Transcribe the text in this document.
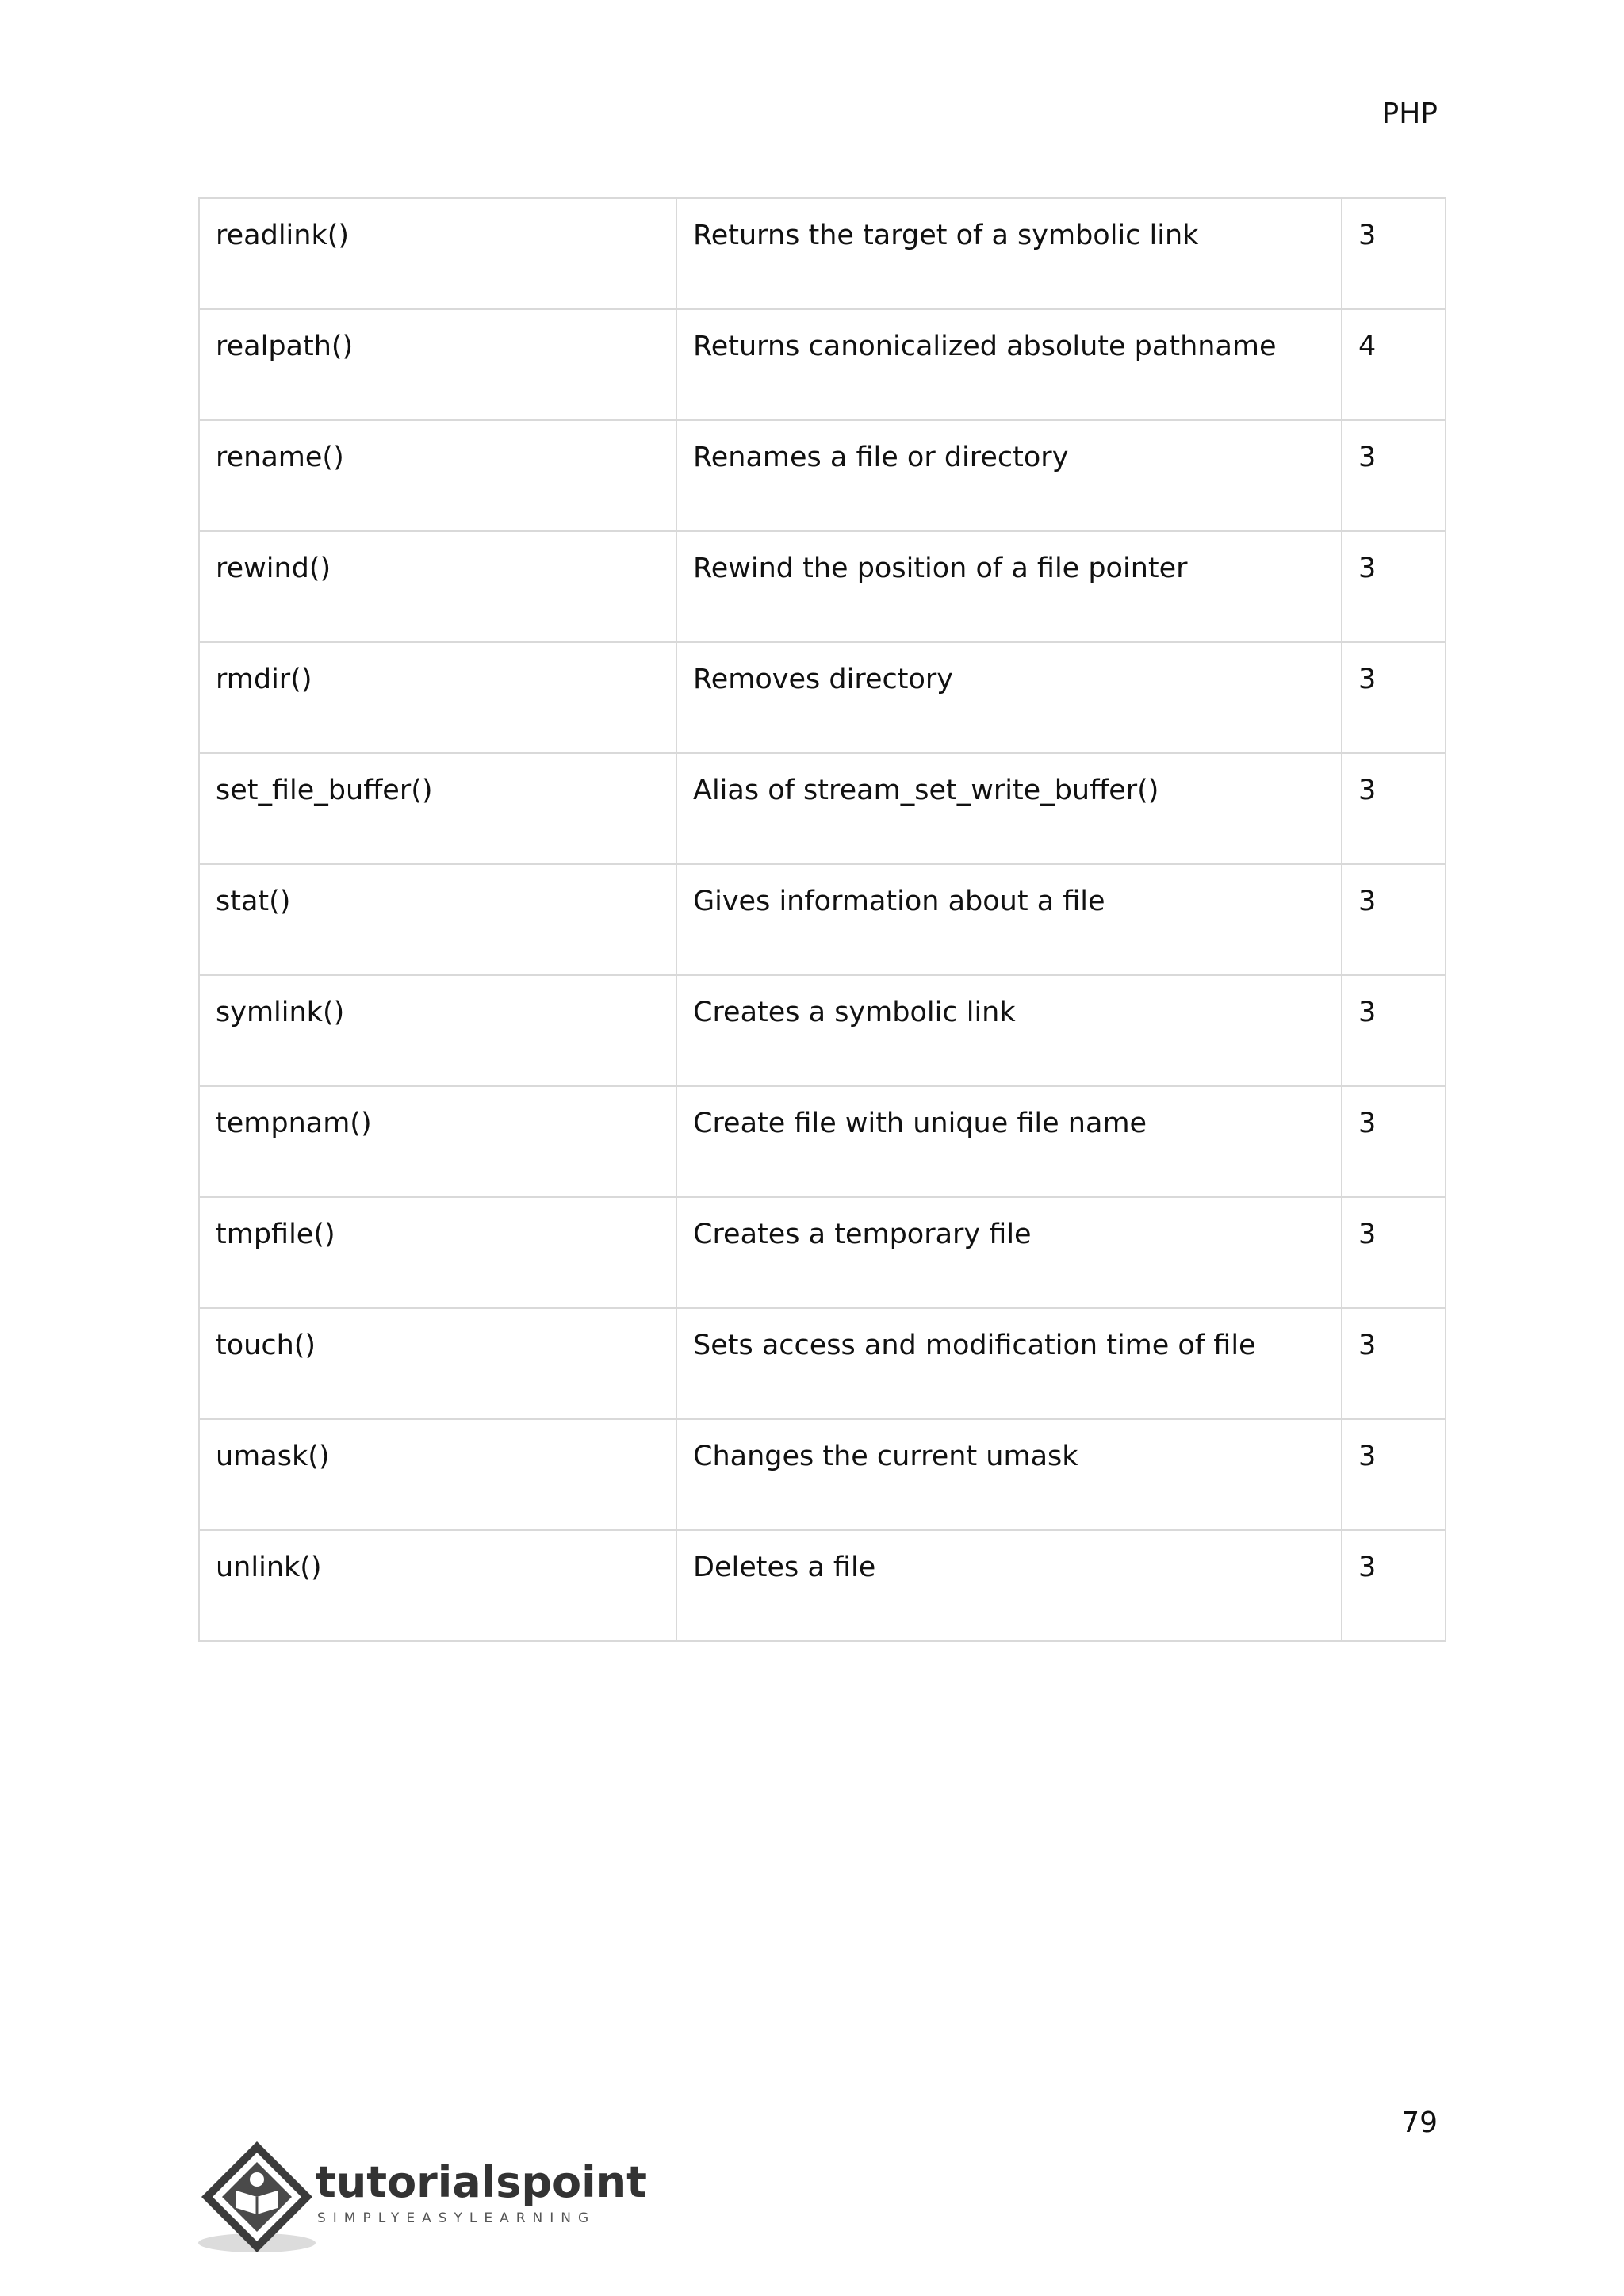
PHP
readlink()	Returns the target of a symbolic link	3
realpath()	Returns canonicalized absolute pathname	4
rename()	Renames a file or directory	3
rewind()	Rewind the position of a file pointer	3
rmdir()	Removes directory	3
set_file_buffer()	Alias of stream_set_write_buffer()	3
stat()	Gives information about a file	3
symlink()	Creates a symbolic link	3
tempnam()	Create file with unique file name	3
tmpfile()	Creates a temporary file	3
touch()	Sets access and modification time of file	3
umask()	Changes the current umask	3
unlink()	Deletes a file	3
79
tutorialspoint
SIMPLYEASYLEARNING
